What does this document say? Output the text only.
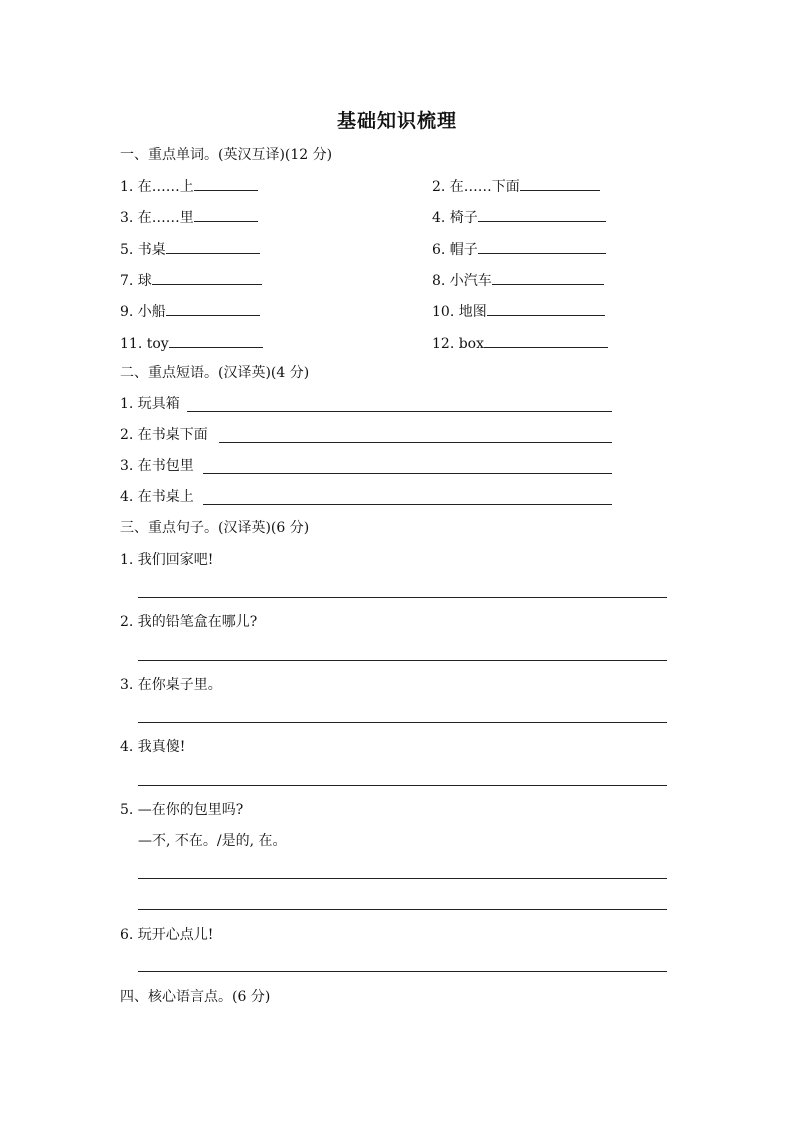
基础知识梳理
一、重点单词。(英汉互译)(12 分)
1. 在……上	2. 在……下面
3. 在……里	4. 椅子
5. 书桌	6. 帽子
7. 球	8. 小汽车
9. 小船	10. 地图
11. toy	12. box
二、重点短语。(汉译英)(4 分)
1. 玩具箱
2. 在书桌下面
3. 在书包里
4. 在书桌上
三、重点句子。(汉译英)(6 分)
1. 我们回家吧!
2. 我的铅笔盒在哪儿?
3. 在你桌子里。
4. 我真傻!
5. —在你的包里吗?
—不, 不在。/是的, 在。
6. 玩开心点儿!
四、核心语言点。(6 分)
